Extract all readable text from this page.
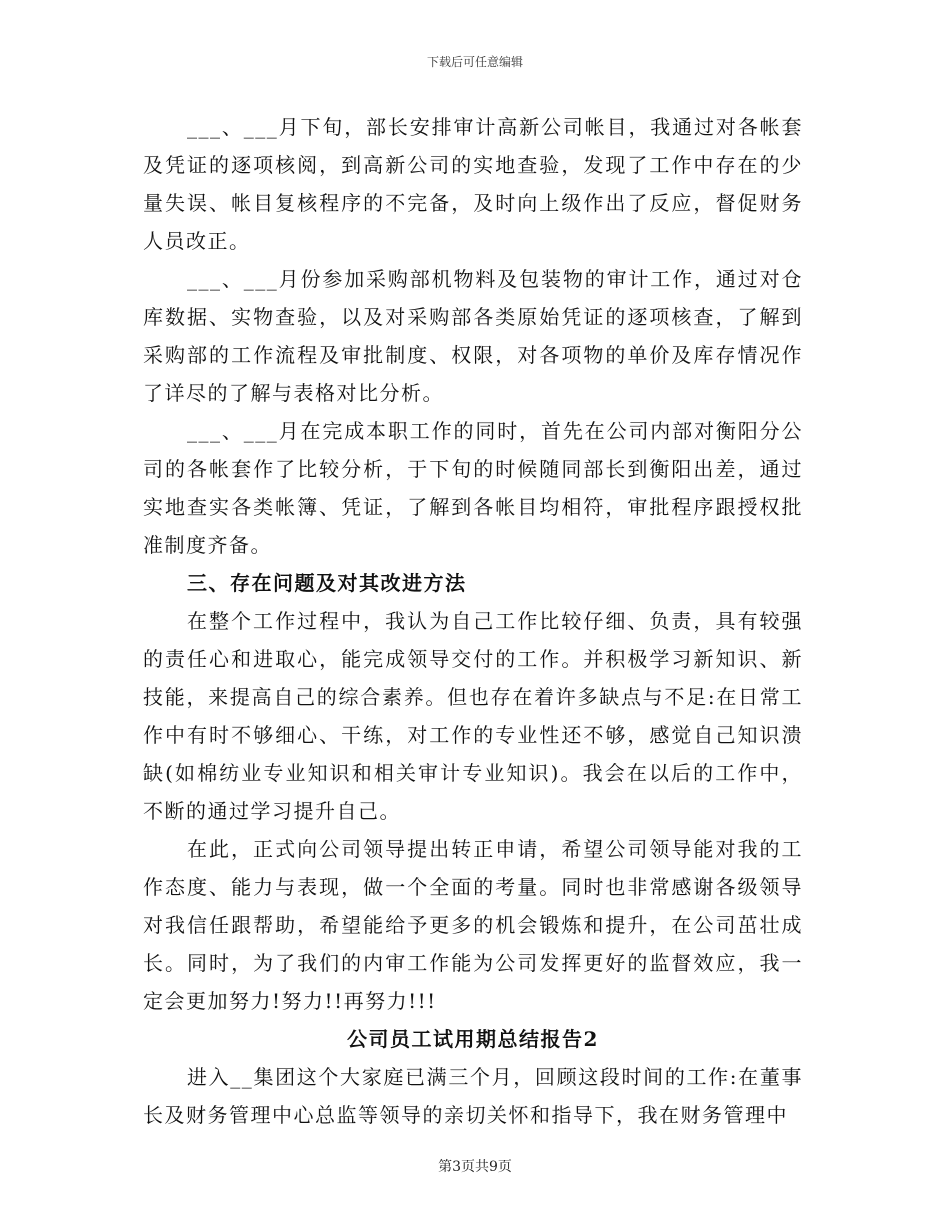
下载后可任意编辑

___、___月下旬，部长安排审计高新公司帐目，我通过对各帐套及凭证的逐项核阅，到高新公司的实地查验，发现了工作中存在的少量失误、帐目复核程序的不完备，及时向上级作出了反应，督促财务人员改正。

___、___月份参加采购部机物料及包装物的审计工作，通过对仓库数据、实物查验，以及对采购部各类原始凭证的逐项核查，了解到采购部的工作流程及审批制度、权限，对各项物的单价及库存情况作了详尽的了解与表格对比分析。

___、___月在完成本职工作的同时，首先在公司内部对衡阳分公司的各帐套作了比较分析，于下旬的时候随同部长到衡阳出差，通过实地查实各类帐簿、凭证，了解到各帐目均相符，审批程序跟授权批准制度齐备。

三、存在问题及对其改进方法

在整个工作过程中，我认为自己工作比较仔细、负责，具有较强的责任心和进取心，能完成领导交付的工作。并积极学习新知识、新技能，来提高自己的综合素养。但也存在着许多缺点与不足:在日常工作中有时不够细心、干练，对工作的专业性还不够，感觉自己知识溃缺(如棉纺业专业知识和相关审计专业知识)。我会在以后的工作中，不断的通过学习提升自己。

在此，正式向公司领导提出转正申请，希望公司领导能对我的工作态度、能力与表现，做一个全面的考量。同时也非常感谢各级领导对我信任跟帮助，希望能给予更多的机会锻炼和提升，在公司茁壮成长。同时，为了我们的内审工作能为公司发挥更好的监督效应，我一定会更加努力!努力!!再努力!!!

公司员工试用期总结报告2

进入__集团这个大家庭已满三个月，回顾这段时间的工作:在董事长及财务管理中心总监等领导的亲切关怀和指导下，我在财务管理中

第3页共9页
